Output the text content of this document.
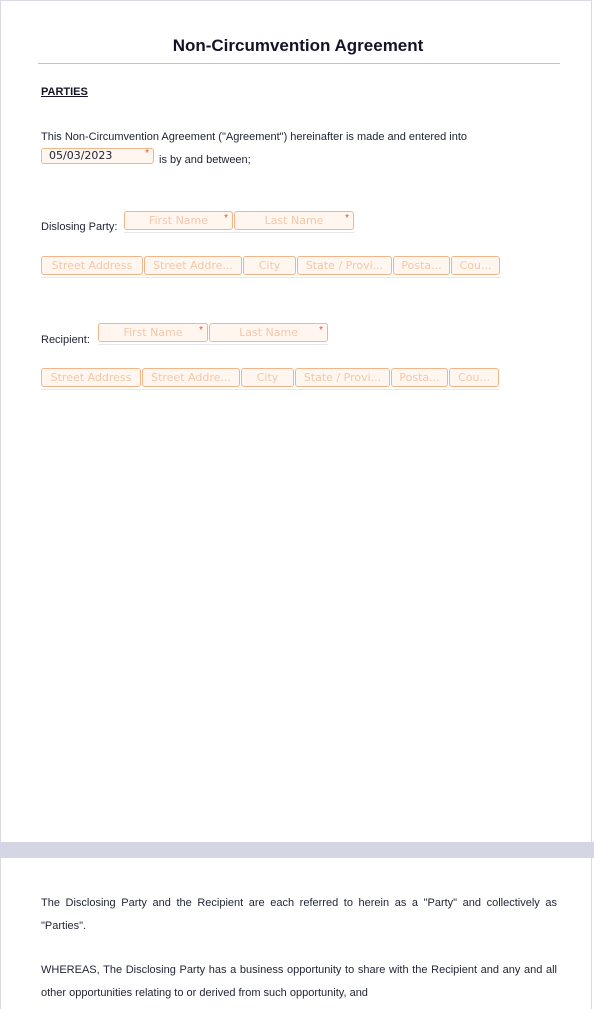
Non-Circumvention Agreement
PARTIES
This Non-Circumvention Agreement ("Agreement") hereinafter is made and entered into
05/03/2023	*
is by and between;
Dislosing Party:	First Name	*	Last Name	*
Street Address	Street Addre...	City	State / Provi...	Posta...	Cou...
Recipient:
First Name	*	Last Name	*
Street Address	Street Addre...	City	State / Provi...	Posta...	Cou...
The Disclosing Party and the Recipient are each referred to herein as a "Party" and collectively as "Parties".
WHEREAS, The Disclosing Party has a business opportunity to share with the Recipient and any and all other opportunities relating to or derived from such opportunity, and
